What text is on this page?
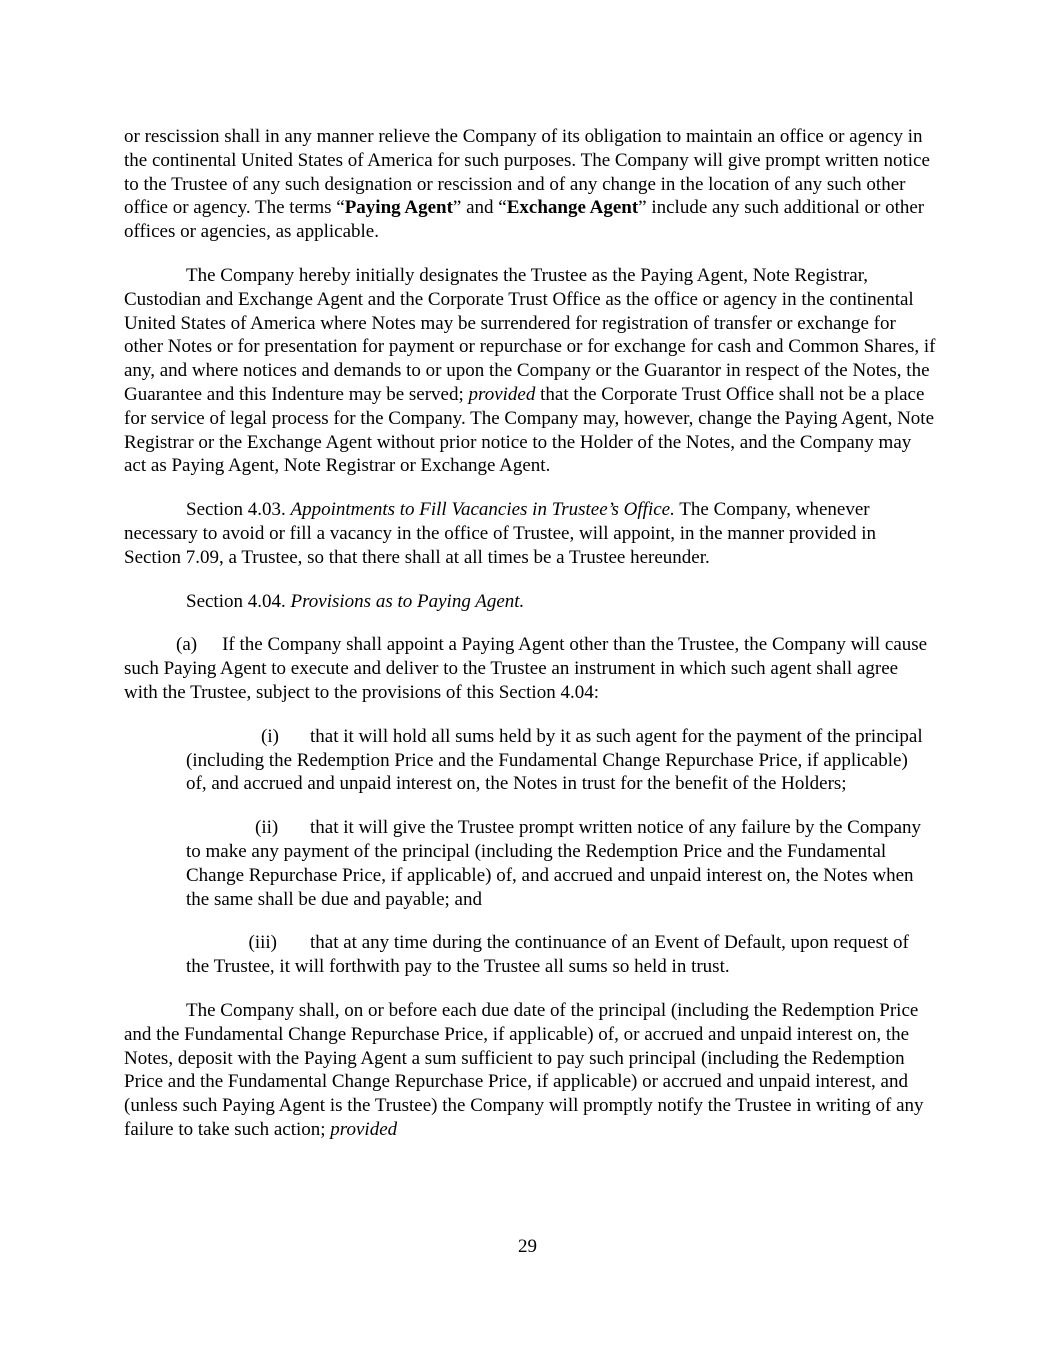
or rescission shall in any manner relieve the Company of its obligation to maintain an office or agency in the continental United States of America for such purposes. The Company will give prompt written notice to the Trustee of any such designation or rescission and of any change in the location of any such other office or agency. The terms “Paying Agent” and “Exchange Agent” include any such additional or other offices or agencies, as applicable.

The Company hereby initially designates the Trustee as the Paying Agent, Note Registrar, Custodian and Exchange Agent and the Corporate Trust Office as the office or agency in the continental United States of America where Notes may be surrendered for registration of transfer or exchange for other Notes or for presentation for payment or repurchase or for exchange for cash and Common Shares, if any, and where notices and demands to or upon the Company or the Guarantor in respect of the Notes, the Guarantee and this Indenture may be served; provided that the Corporate Trust Office shall not be a place for service of legal process for the Company. The Company may, however, change the Paying Agent, Note Registrar or the Exchange Agent without prior notice to the Holder of the Notes, and the Company may act as Paying Agent, Note Registrar or Exchange Agent.

Section 4.03. Appointments to Fill Vacancies in Trustee’s Office. The Company, whenever necessary to avoid or fill a vacancy in the office of Trustee, will appoint, in the manner provided in Section 7.09, a Trustee, so that there shall at all times be a Trustee hereunder.

Section 4.04. Provisions as to Paying Agent.

(a) If the Company shall appoint a Paying Agent other than the Trustee, the Company will cause such Paying Agent to execute and deliver to the Trustee an instrument in which such agent shall agree with the Trustee, subject to the provisions of this Section 4.04:

(i) that it will hold all sums held by it as such agent for the payment of the principal (including the Redemption Price and the Fundamental Change Repurchase Price, if applicable) of, and accrued and unpaid interest on, the Notes in trust for the benefit of the Holders;

(ii) that it will give the Trustee prompt written notice of any failure by the Company to make any payment of the principal (including the Redemption Price and the Fundamental Change Repurchase Price, if applicable) of, and accrued and unpaid interest on, the Notes when the same shall be due and payable; and

(iii) that at any time during the continuance of an Event of Default, upon request of the Trustee, it will forthwith pay to the Trustee all sums so held in trust.

The Company shall, on or before each due date of the principal (including the Redemption Price and the Fundamental Change Repurchase Price, if applicable) of, or accrued and unpaid interest on, the Notes, deposit with the Paying Agent a sum sufficient to pay such principal (including the Redemption Price and the Fundamental Change Repurchase Price, if applicable) or accrued and unpaid interest, and (unless such Paying Agent is the Trustee) the Company will promptly notify the Trustee in writing of any failure to take such action; provided

29
